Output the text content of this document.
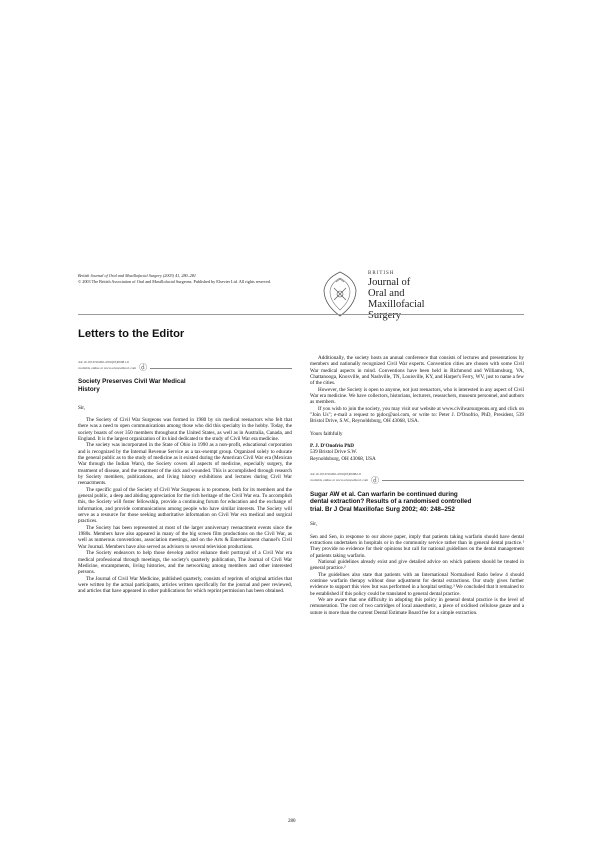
British Journal of Oral and Maxillofacial Surgery (2003) 41, 280–281
© 2003 The British Association of Oral and Maxillofacial Surgeons. Published by Elsevier Ltd. All rights reserved.
BRITISH
Journal of
Oral and
Maxillofacial
Surgery
Letters to the Editor
doi:10.1016/S0266-4356(03)00081-6
available online at www.sciencedirect.com ⓓ
Society Preserves Civil War Medical
History

Sir,

The Society of Civil War Surgeons was formed in 1980 by six medical reenactors who felt that there was a need to open communications among those who did this specialty in the hobby. Today, the society boasts of over 350 members throughout the United States, as well as in Australia, Canada, and England. It is the largest organization of its kind dedicated to the study of Civil War era medicine.

The society was incorporated in the State of Ohio in 1990 as a non-profit, educational corporation and is recognized by the Internal Revenue Service as a tax-exempt group. Organized solely to educate the general public as to the study of medicine as it existed during the American Civil War era (Mexican War through the Indian Wars), the Society covers all aspects of medicine, especially surgery, the treatment of disease, and the treatment of the sick and wounded. This is accomplished through research by Society members, publications, and living history exhibitions and lectures during Civil War reenactments.

The specific goal of the Society of Civil War Surgeons is to promote, both for its members and the general public, a deep and abiding appreciation for the rich heritage of the Civil War era. To accomplish this, the Society will foster fellowship, provide a continuing forum for education and the exchange of information, and provide communications among people who have similar interests. The Society will serve as a resource for those seeking authoritative information on Civil War era medical and surgical practices.

The Society has been represented at most of the larger anniversary reenactment events since the 1980s. Members have also appeared in many of the big screen film productions on the Civil War, as well as numerous conventions, association meetings, and on the Arts & Entertainment channel's Civil War Journal. Members have also served as advisors to several television productions.

The Society endeavors to help those develop and/or enhance their portrayal of a Civil War era medical professional through meetings, the society's quarterly publication, The Journal of Civil War Medicine, encampments, living histories, and the networking among members and other interested persons.

The Journal of Civil War Medicine, published quarterly, consists of reprints of original articles that were written by the actual participants, articles written specifically for the journal and peer reviewed, and articles that have appeared in other publications for which reprint permission has been obtained.

Additionally, the society hosts an annual conference that consists of lectures and presentations by members and nationally recognized Civil War experts. Convention cities are chosen with some Civil War medical aspects in mind. Conventions have been held in Richmond and Williamsburg, VA, Chattanooga, Knoxville, and Nashville, TN, Louisville, KY, and Harper's Ferry, WV, just to name a few of the cities.

However, the Society is open to anyone, not just reenactors, who is interested in any aspect of Civil War era medicine. We have collectors, historians, lecturers, researchers, museum personnel, and authors as members.

If you wish to join the society, you may visit our website at www.civilwarsurgeons.org and click on "Join Us"; e-mail a request to pjdoc@aol.com, or write to: Peter J. D'Onofrio, PhD, President, 539 Bristol Drive, S.W., Reynoldsburg, OH 43068, USA.

Yours faithfully

P. J. D'Onofrio PhD

539 Bristol Drive S.W.

Reynoldsburg, OH 43068, USA

doi:10.1016/S0266-4356(03)00082-8
available online at www.sciencedirect.com ⓓ
Sugar AW et al. Can warfarin be continued during
dental extraction? Results of a randomised controlled
trial. Br J Oral Maxillofac Surg 2002; 40: 248–252

Sir,

Sen and Sen, in response to our above paper, imply that patients taking warfarin should have dental extractions undertaken in hospitals or in the community service rather than in general dental practice.¹ They provide no evidence for their opinions but call for national guidelines on the dental management of patients taking warfarin.

National guidelines already exist and give detailed advice on which patients should be treated in general practice.²

The guidelines also state that patients with an International Normalised Ratio below 4 should continue warfarin therapy without dose adjustment for dental extractions. Our study gives further evidence to support this view but was performed in a hospital setting.³ We concluded that it remained to be established if this policy could be translated to general dental practice.

We are aware that one difficulty in adopting this policy in general dental practice is the level of remuneration. The cost of two cartridges of local anaesthetic, a piece of oxidised cellulose gauze and a suture is more than the current Dental Estimate Board fee for a simple extraction.

280
